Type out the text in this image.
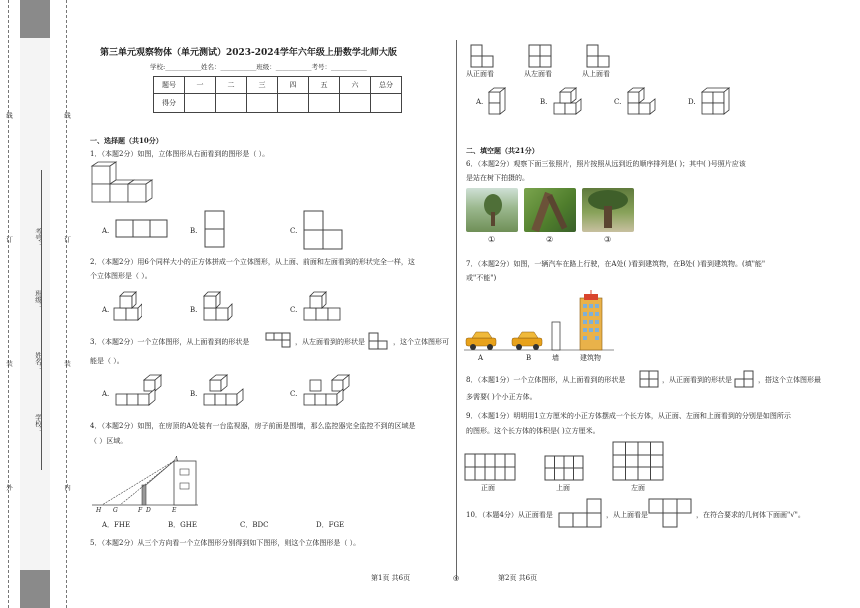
线
订
装
外
线
订
装
内
考号：
班级：
姓名：
学校：
第三单元观察物体（单元测试）2023-2024学年六年级上册数学北师大版
学校:___________姓名：___________班级：___________考号：___________
题号	一	二	三	四	五	六	总分
得分							
一、选择题（共10分）
1．（本题2分）如图，立体图形从右面看到的图形是（ ）。
A.	B.	C.
2．（本题2分）用6个同样大小的正方体拼成一个立体图形，从上面、前面和左面看到的形状完全一样，这
个立体图形是（ ）。
A.	B.	C.
3．（本题2分）一个立体图形，从上面看到的形状是	，从左面看到的形状是	，这个立体图形可
能是（ ）。
A.	B.	C.
4．（本题2分）如图，在房顶的A处装有一台监视器，房子前面是围墙，那么监控器完全监控不到的区域是
（ ）区域。
A
H G	F D	E
A．FHE	B．GHE	C．BDC	D．FGE
5．（本题2分）从三个方向看一个立体图形分别得到如下图形，则这个立体图形是（ ）。
从正面看	从左面看	从上面看
A.	B.	C.	D.
二、填空题（共21分）
6．（本题2分）观察下面三张照片，照片按照从远到近的顺序排列是( )；其中( )号照片应该
是站在树下拍摄的。
①	②	③
7．（本题2分）如图，一辆汽车在路上行驶，在A处( )看到建筑物，在B处( )看到建筑物。(填"能"
或"不能")
A	B	墙	建筑物
8．（本题1分）一个立体图形，从上面看到的形状是	，从正面看到的形状是	，搭这个立体图形最
多需要( )个小正方体。
9．（本题1分）明明用1立方厘米的小正方体摆成一个长方体，从正面、左面和上面看到的分别是如图所示
的图形。这个长方体的体积是( )立方厘米。
正面	上面	左面
10．（本题4分）从正面看是	，从上面看是	，在符合要求的几何体下面画"√"。
第1页 共6页	◎	第2页 共6页
